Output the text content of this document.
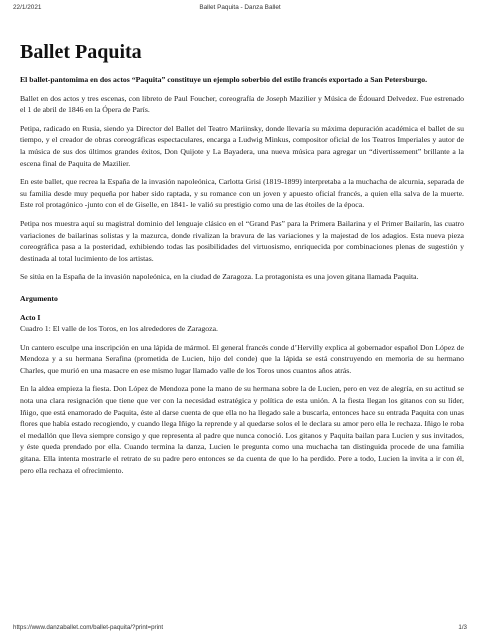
22/1/2021	Ballet Paquita - Danza Ballet
Ballet Paquita

El ballet-pantomima en dos actos “Paquita” constituye un ejemplo soberbio del estilo francés exportado a San Petersburgo.

Ballet en dos actos y tres escenas, con libreto de Paul Foucher, coreografía de Joseph Mazilier y Música de Édouard Delvedez. Fue estrenado el 1 de abril de 1846 en la Ópera de París.

Petipa, radicado en Rusia, siendo ya Director del Ballet del Teatro Mariinsky, donde llevaría su máxima depuración académica el ballet de su tiempo, y el creador de obras coreográficas espectaculares, encarga a Ludwig Minkus, compositor oficial de los Teatros Imperiales y autor de la música de sus dos últimos grandes éxitos, Don Quijote y La Bayadera, una nueva música para agregar un “divertissement” brillante a la escena final de Paquita de Mazilier.

En este ballet, que recrea la España de la invasión napoleónica, Carlotta Grisi (1819-1899) interpretaba a la muchacha de alcurnia, separada de su familia desde muy pequeña por haber sido raptada, y su romance con un joven y apuesto oficial francés, a quien ella salva de la muerte. Este rol protagónico -junto con el de Giselle, en 1841- le valió su prestigio como una de las étoiles de la época.

Petipa nos muestra aquí su magistral dominio del lenguaje clásico en el “Grand Pas” para la Primera Bailarina y el Primer Bailarín, las cuatro variaciones de bailarinas solistas y la mazurca, donde rivalizan la bravura de las variaciones y la majestad de los adagios. Esta nueva pieza coreográfica pasa a la posteridad, exhibiendo todas las posibilidades del virtuosismo, enriquecida por combinaciones plenas de sugestión y destinada al total lucimiento de los artistas.

Se sitúa en la España de la invasión napoleónica, en la ciudad de Zaragoza. La protagonista es una joven gitana llamada Paquita.

Argumento
Acto I
Cuadro 1: El valle de los Toros, en los alrededores de Zaragoza.

Un cantero esculpe una inscripción en una lápida de mármol. El general francés conde d’Hervilly explica al gobernador español Don López de Mendoza y a su hermana Serafina (prometida de Lucien, hijo del conde) que la lápida se está construyendo en memoria de su hermano Charles, que murió en una masacre en ese mismo lugar llamado valle de los Toros unos cuantos años atrás.

En la aldea empieza la fiesta. Don López de Mendoza pone la mano de su hermana sobre la de Lucien, pero en vez de alegría, en su actitud se nota una clara resignación que tiene que ver con la necesidad estratégica y política de esta unión. A la fiesta llegan los gitanos con su líder, Iñigo, que está enamorado de Paquita, éste al darse cuenta de que ella no ha llegado sale a buscarla, entonces hace su entrada Paquita con unas flores que había estado recogiendo, y cuando llega Iñigo la reprende y al quedarse solos el le declara su amor pero ella le rechaza. Iñigo le roba el medallón que lleva siempre consigo y que representa al padre que nunca conoció. Los gitanos y Paquita bailan para Lucien y sus invitados, y éste queda prendado por ella. Cuando termina la danza, Lucien le pregunta como una muchacha tan distinguida procede de una familia gitana. Ella intenta mostrarle el retrato de su padre pero entonces se da cuenta de que lo ha perdido. Pere a todo, Lucien la invita a ir con él, pero ella rechaza el ofrecimiento.

https://www.danzaballet.com/ballet-paquita/?print=print	1/3
